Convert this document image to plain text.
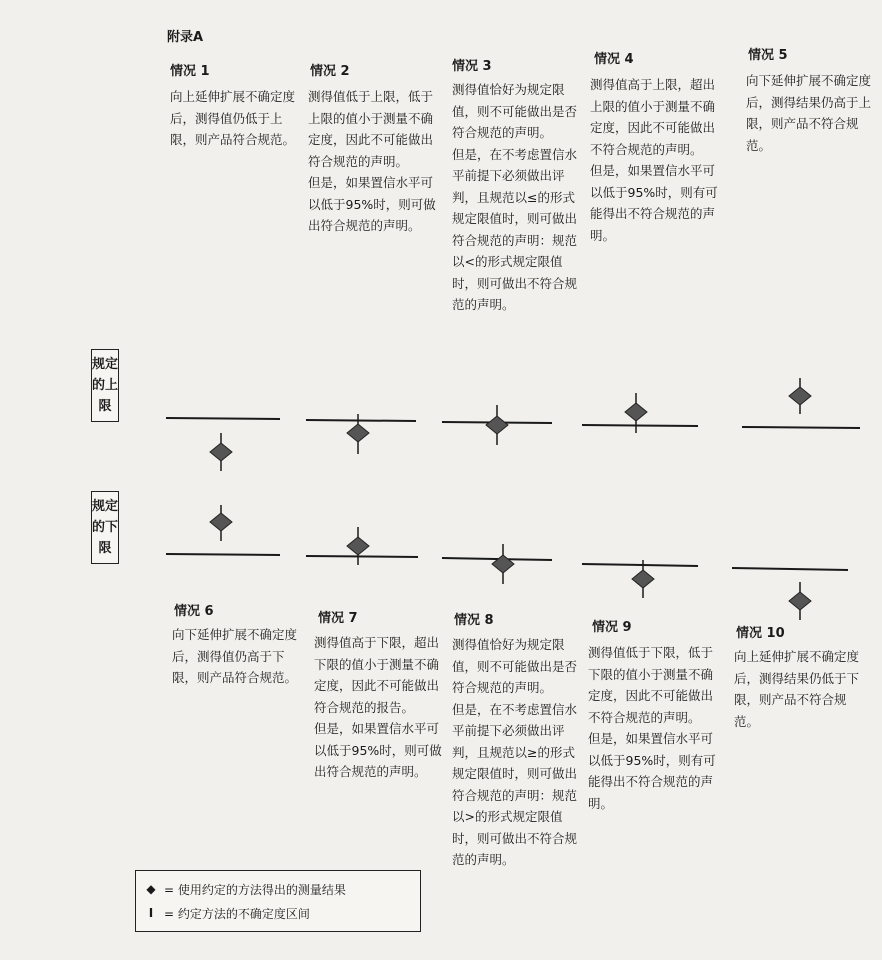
附录A
情况 1

向上延伸扩展不确定度后，测得值仍低于上限，则产品符合规范。

情况 2

测得值低于上限，低于上限的值小于测量不确定度，因此不可能做出符合规范的声明。

但是，如果置信水平可以低于95%时，则可做出符合规范的声明。

情况 3

测得值恰好为规定限值，则不可能做出是否符合规范的声明。

但是，在不考虑置信水平前提下必须做出评判，且规范以≤的形式规定限值时，则可做出符合规范的声明：规范以<的形式规定限值时，则可做出不符合规范的声明。

情况 4

测得值高于上限，超出上限的值小于测量不确定度，因此不可能做出不符合规范的声明。

但是，如果置信水平可以低于95%时，则有可能得出不符合规范的声明。

情况 5

向下延伸扩展不确定度后，测得结果仍高于上限，则产品不符合规范。

情况 6

向下延伸扩展不确定度后，测得值仍高于下限，则产品符合规范。

情况 7

测得值高于下限，超出下限的值小于测量不确定度，因此不可能做出符合规范的报告。

但是，如果置信水平可以低于95%时，则可做出符合规范的声明。

情况 8

测得值恰好为规定限值，则不可能做出是否符合规范的声明。

但是，在不考虑置信水平前提下必须做出评判，且规范以≥的形式规定限值时，则可做出符合规范的声明：规范以>的形式规定限值时，则可做出不符合规范的声明。

情况 9

测得值低于下限，低于下限的值小于测量不确定度，因此不可能做出不符合规范的声明。

但是，如果置信水平可以低于95%时，则有可能得出不符合规范的声明。

情况 10

向上延伸扩展不确定度后，测得结果仍低于下限，则产品不符合规范。

规定的上限
规定的下限
◆ = 使用约定的方法得出的测量结果
I = 约定方法的不确定度区间
